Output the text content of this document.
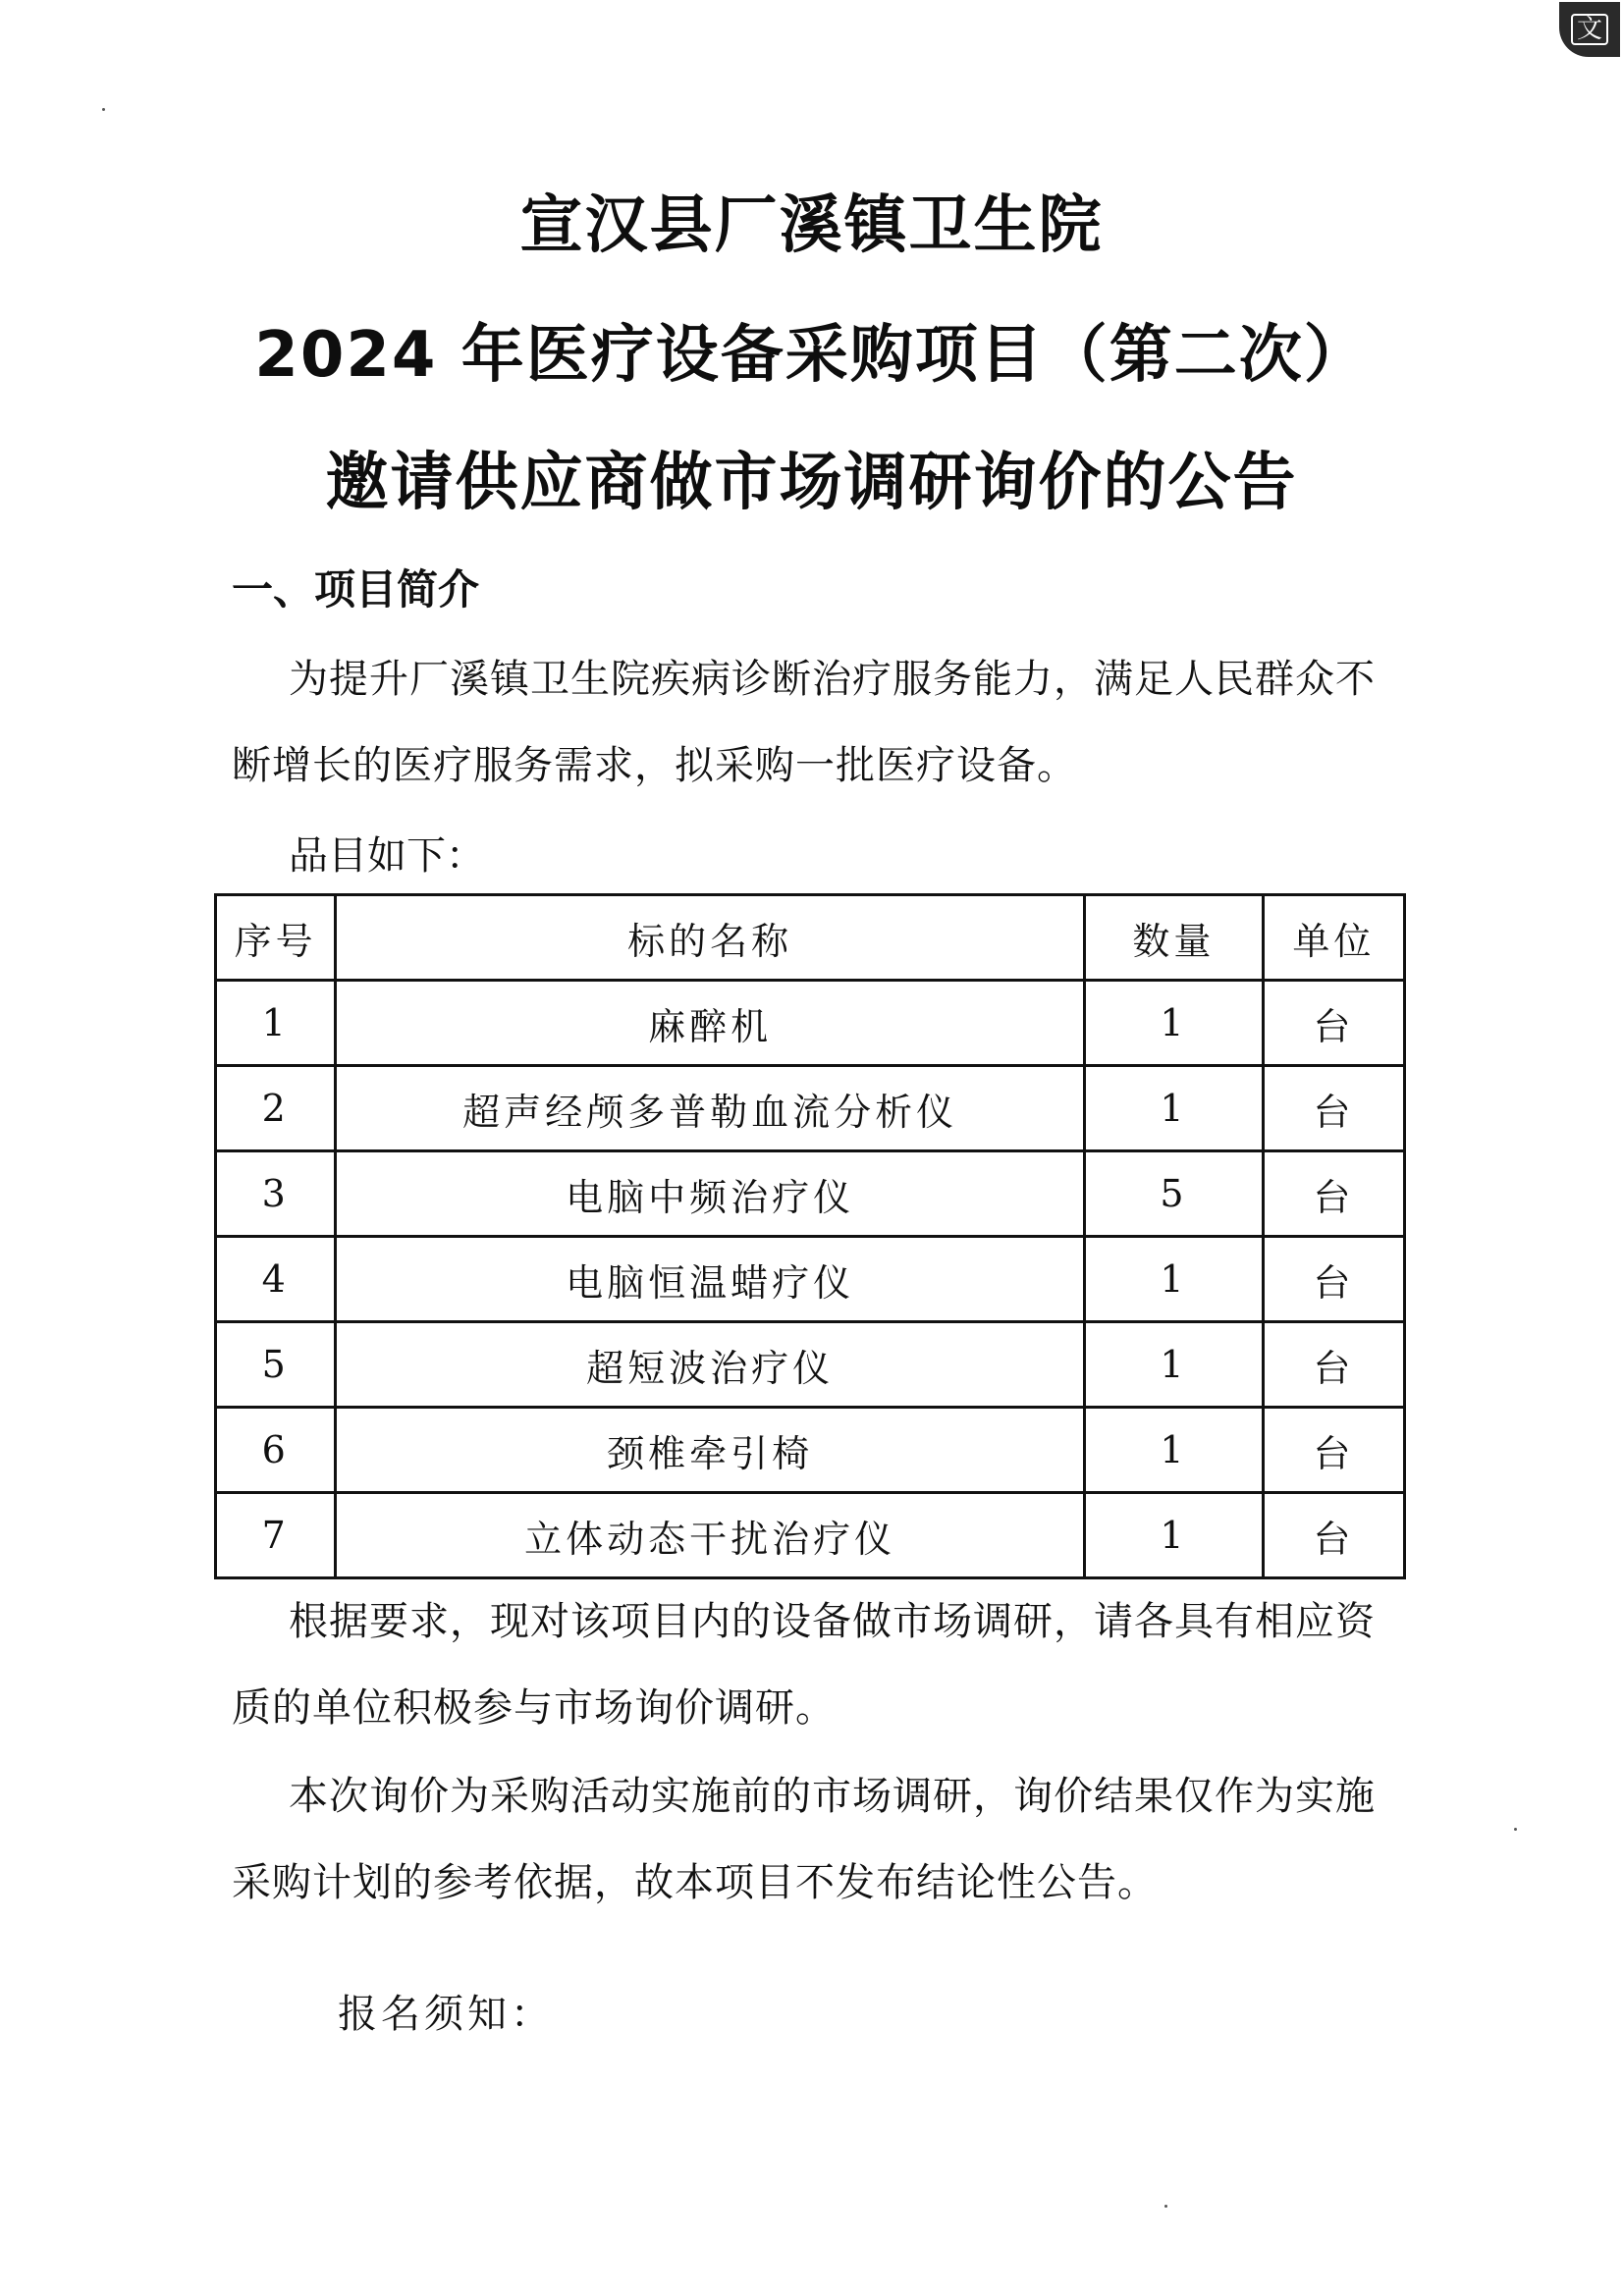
文
宣汉县厂溪镇卫生院
2024 年医疗设备采购项目（第二次）
邀请供应商做市场调研询价的公告
一、项目简介
为提升厂溪镇卫生院疾病诊断治疗服务能力，满足人民群众不断增长的医疗服务需求，拟采购一批医疗设备。
品目如下：
序号	标的名称	数量	单位
1	麻醉机	1	台
2	超声经颅多普勒血流分析仪	1	台
3	电脑中频治疗仪	5	台
4	电脑恒温蜡疗仪	1	台
5	超短波治疗仪	1	台
6	颈椎牵引椅	1	台
7	立体动态干扰治疗仪	1	台
根据要求，现对该项目内的设备做市场调研，请各具有相应资质的单位积极参与市场询价调研。
本次询价为采购活动实施前的市场调研，询价结果仅作为实施采购计划的参考依据，故本项目不发布结论性公告。
报名须知：
